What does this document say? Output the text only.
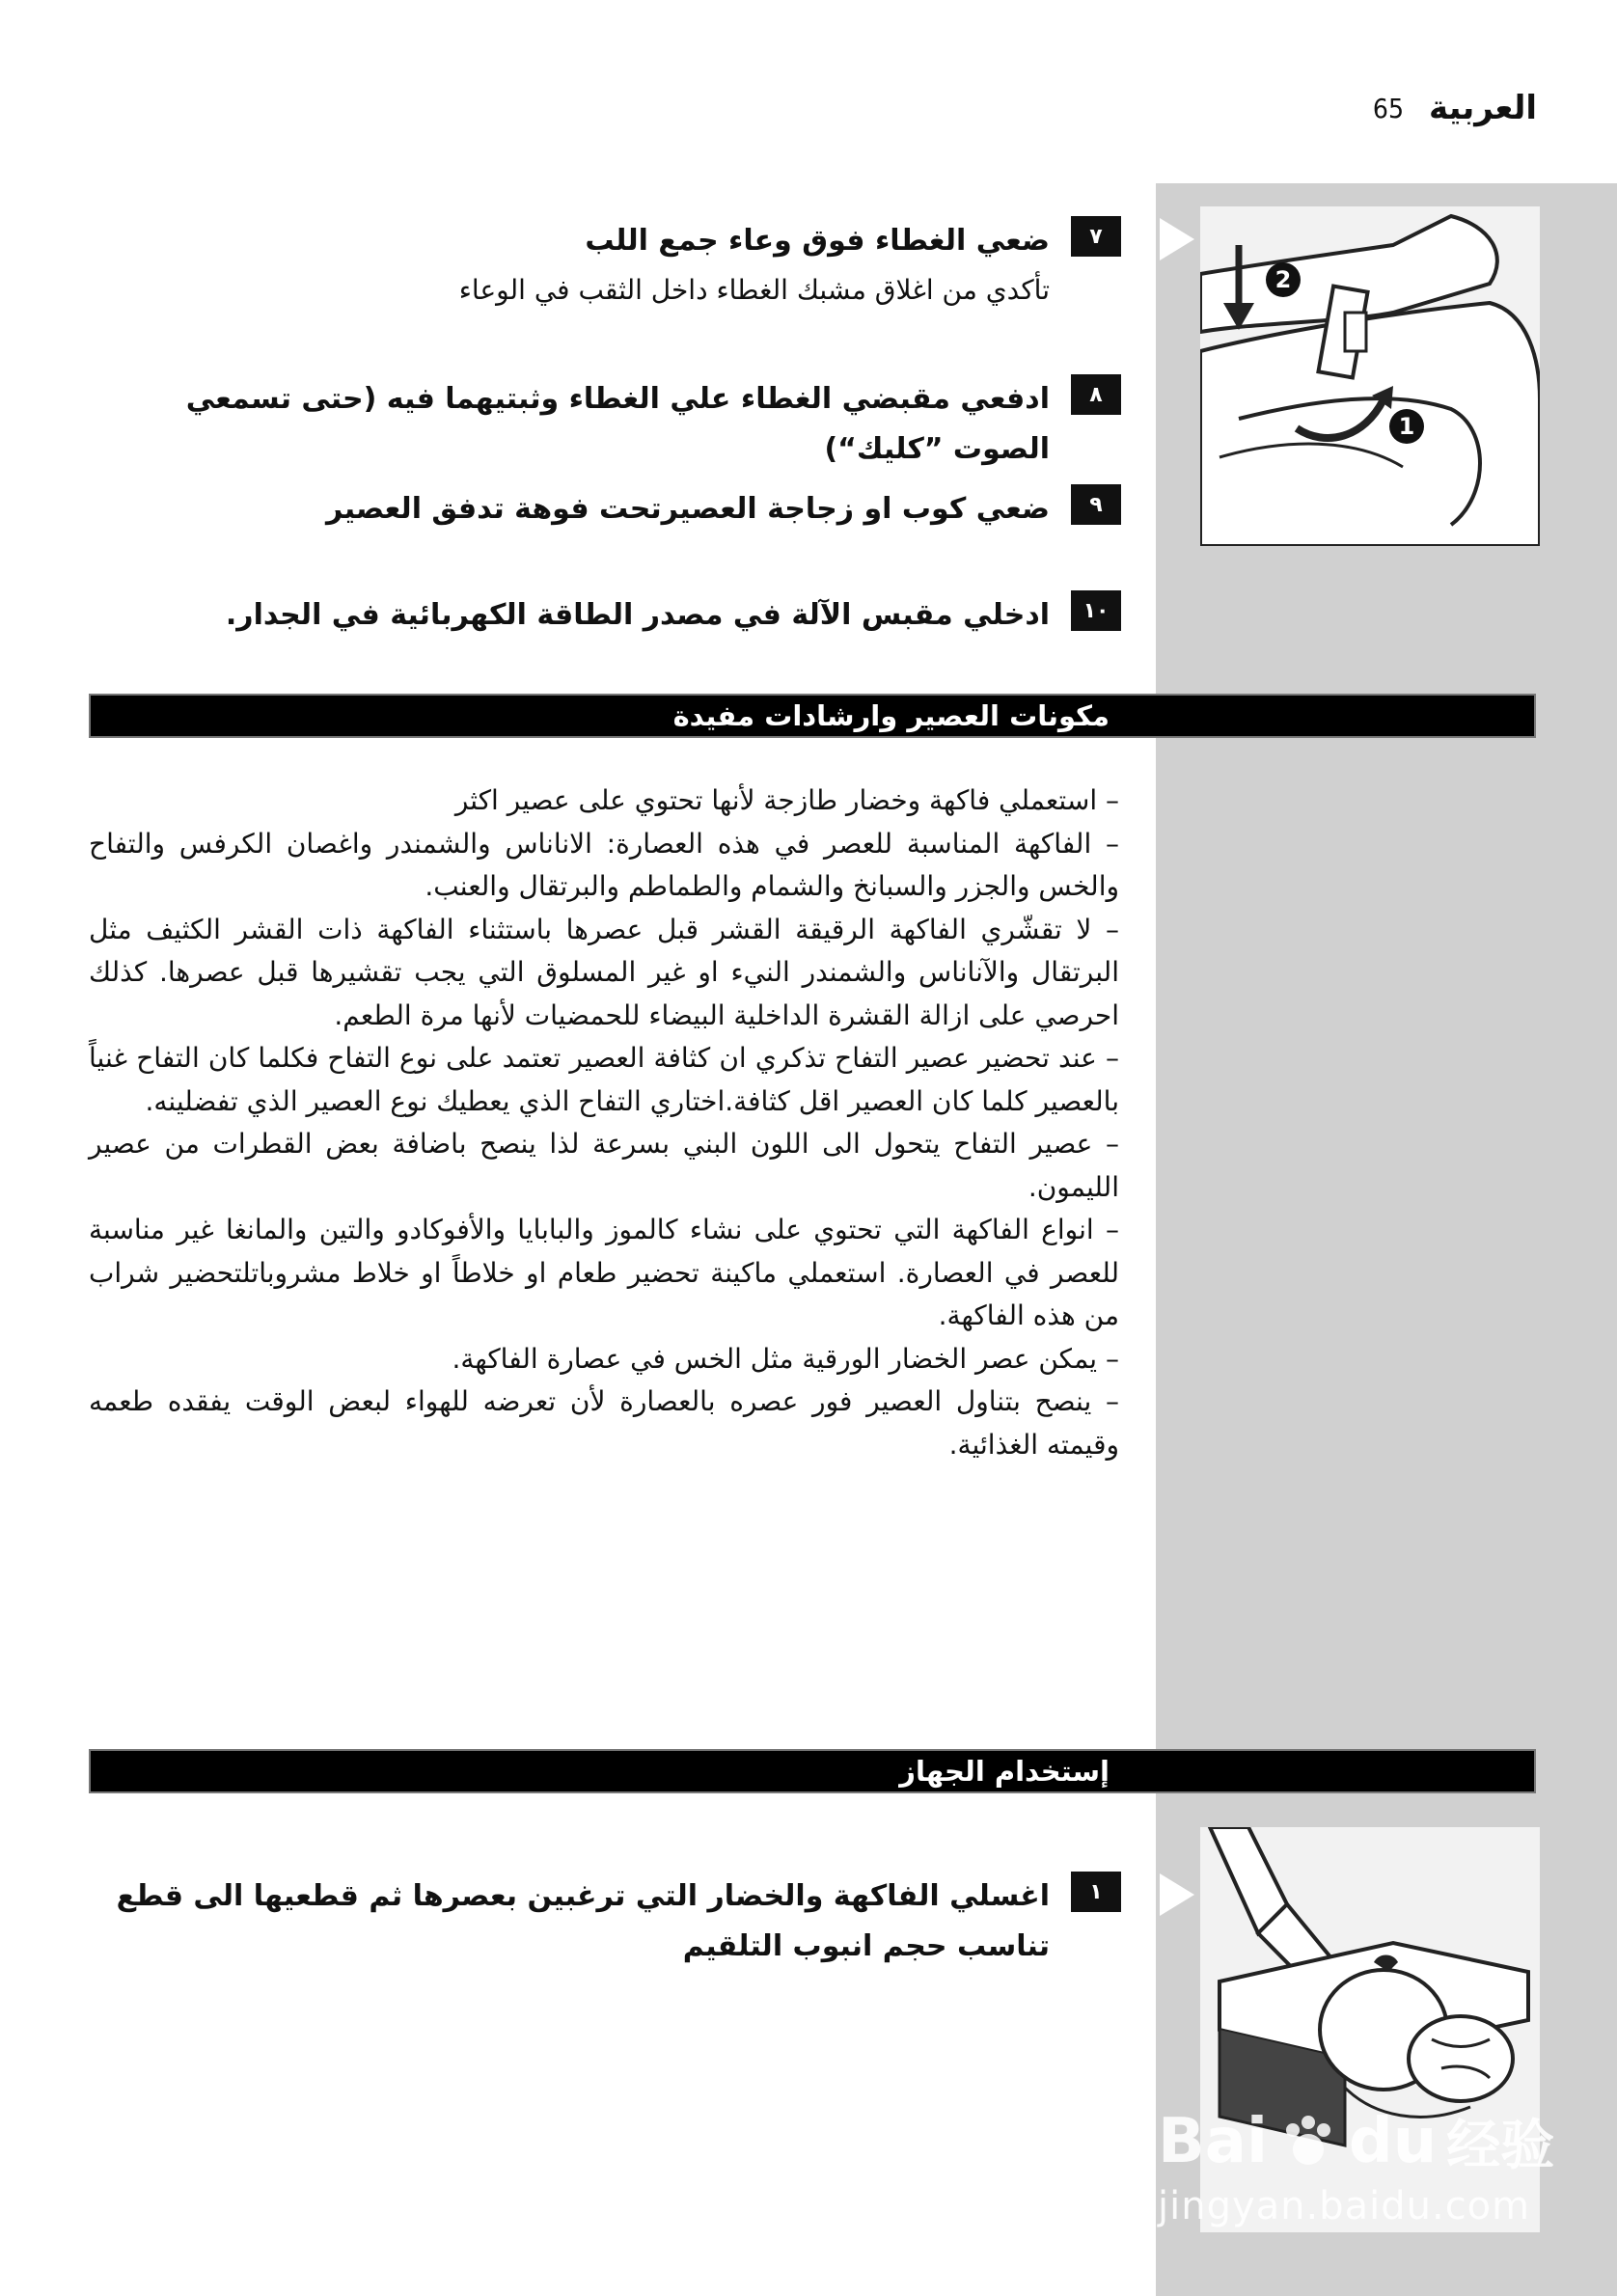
العربية
65
2
1
٧
ضعي الغطاء فوق وعاء جمع اللب
تأكدي من اغلاق مشبك الغطاء داخل الثقب في الوعاء
٨
ادفعي مقبضي الغطاء علي الغطاء وثبتيهما فيه (حتى تسمعي الصوت ”كليك“)
٩
ضعي كوب او زجاجة العصيرتحت فوهة تدفق العصير
١٠
ادخلي مقبس الآلة في مصدر الطاقة الكهربائية في الجدار.
مكونات العصير وارشادات مفيدة

– استعملي فاكهة وخضار طازجة لأنها تحتوي على عصير اكثر

– الفاكهة المناسبة للعصر في هذه العصارة: الاناناس والشمندر واغصان الكرفس والتفاح والخس والجزر والسبانخ والشمام والطماطم والبرتقال والعنب.

– لا تقشّري الفاكهة الرقيقة القشر قبل عصرها باستثناء الفاكهة ذات القشر الكثيف مثل البرتقال والآناناس والشمندر النيء او غير المسلوق التي يجب تقشيرها قبل عصرها. كذلك احرصي على ازالة القشرة الداخلية البيضاء للحمضيات لأنها مرة الطعم.

– عند تحضير عصير التفاح تذكري ان كثافة العصير تعتمد على نوع التفاح فكلما كان التفاح غنياً بالعصير كلما كان العصير اقل كثافة.اختاري التفاح الذي يعطيك نوع العصير الذي تفضلينه.

– عصير التفاح يتحول الى اللون البني بسرعة لذا ينصح باضافة بعض القطرات من عصير الليمون.

– انواع الفاكهة التي تحتوي على نشاء كالموز والبابايا والأفوكادو والتين والمانغا غير مناسبة للعصر في العصارة. استعملي ماكينة تحضير طعام او خلاطاً او خلاط مشروباتلتحضير شراب من هذه الفاكهة.

– يمكن عصر الخضار الورقية مثل الخس في عصارة الفاكهة.

– ينصح بتناول العصير فور عصره بالعصارة لأن تعرضه للهواء لبعض الوقت يفقده طعمه وقيمته الغذائية.

إستخدام الجهاز
١
اغسلي الفاكهة والخضار التي ترغبين بعصرها ثم قطعيها الى قطع تناسب حجم انبوب التلقيم
Bai du 经验
jingyan.baidu.com
